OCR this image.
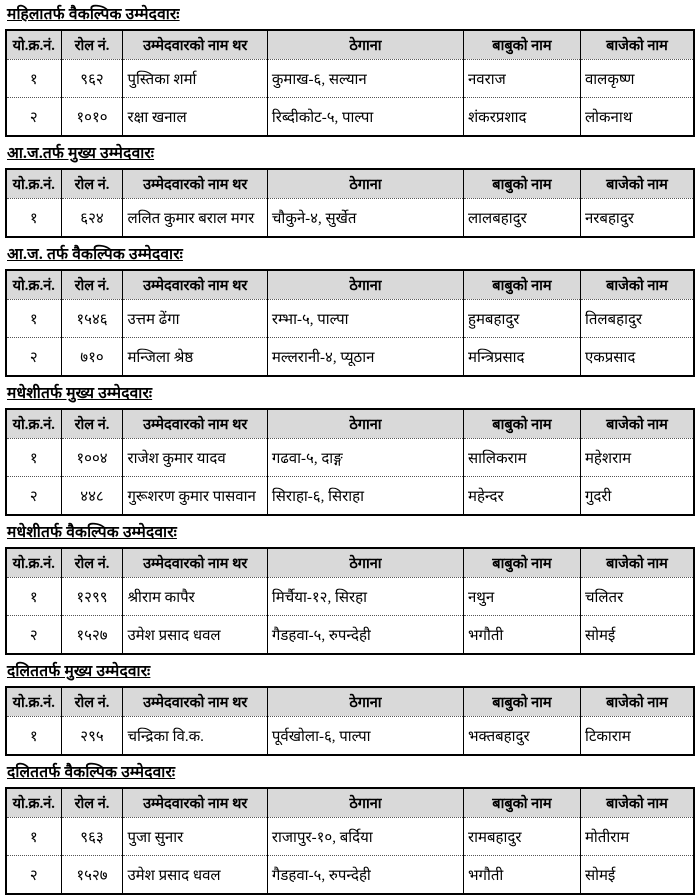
महिलातर्फ वैकल्पिक उम्मेदवारः
यो.क्र.नं.	रोल नं.	उम्मेदवारको नाम थर	ठेगाना	बाबुको नाम	बाजेको नाम
१	९६२	पुस्तिका शर्मा	कुमाख-६, सल्यान	नवराज	वालकृष्ण
२	१०१०	रक्षा खनाल	रिब्दीकोट-५, पाल्पा	शंकरप्रशाद	लोकनाथ
आ.ज.तर्फ मुख्य उम्मेदवारः
यो.क्र.नं.	रोल नं.	उम्मेदवारको नाम थर	ठेगाना	बाबुको नाम	बाजेको नाम
१	६२४	ललित कुमार बराल मगर	चौकुने-४, सुर्खेत	लालबहादुर	नरबहादुर
आ.ज. तर्फ वैकल्पिक उम्मेदवारः
यो.क्र.नं.	रोल नं.	उम्मेदवारको नाम थर	ठेगाना	बाबुको नाम	बाजेको नाम
१	१५४६	उत्तम ढेंगा	रम्भा-५, पाल्पा	हुमबहादुर	तिलबहादुर
२	७१०	मन्जिला श्रेष्ठ	मल्लरानी-४, प्यूठान	मन्त्रिप्रसाद	एकप्रसाद
मधेशीतर्फ मुख्य उम्मेदवारः
यो.क्र.नं.	रोल नं.	उम्मेदवारको नाम थर	ठेगाना	बाबुको नाम	बाजेको नाम
१	१००४	राजेश कुमार यादव	गढवा-५, दाङ्ग	सालिकराम	महेशराम
२	४४८	गुरूशरण कुमार पासवान	सिराहा-६, सिराहा	महेन्दर	गुदरी
मधेशीतर्फ वैकल्पिक उम्मेदवारः
यो.क्र.नं.	रोल नं.	उम्मेदवारको नाम थर	ठेगाना	बाबुको नाम	बाजेको नाम
१	१२९९	श्रीराम कापैर	मिर्चैया-१२, सिरहा	नथुन	चलितर
२	१५२७	उमेश प्रसाद धवल	गैडहवा-५, रुपन्देही	भगौती	सोमई
दलिततर्फ मुख्य उम्मेदवारः
यो.क्र.नं.	रोल नं.	उम्मेदवारको नाम थर	ठेगाना	बाबुको नाम	बाजेको नाम
१	२९५	चन्द्रिका वि.क.	पूर्वखोला-६, पाल्पा	भक्तबहादुर	टिकाराम
दलिततर्फ वैकल्पिक उम्मेदवारः
यो.क्र.नं.	रोल नं.	उम्मेदवारको नाम थर	ठेगाना	बाबुको नाम	बाजेको नाम
१	९६३	पुजा सुनार	राजापुर-१०, बर्दिया	रामबहादुर	मोतीराम
२	१५२७	उमेश प्रसाद धवल	गैडहवा-५, रुपन्देही	भगौती	सोमई
